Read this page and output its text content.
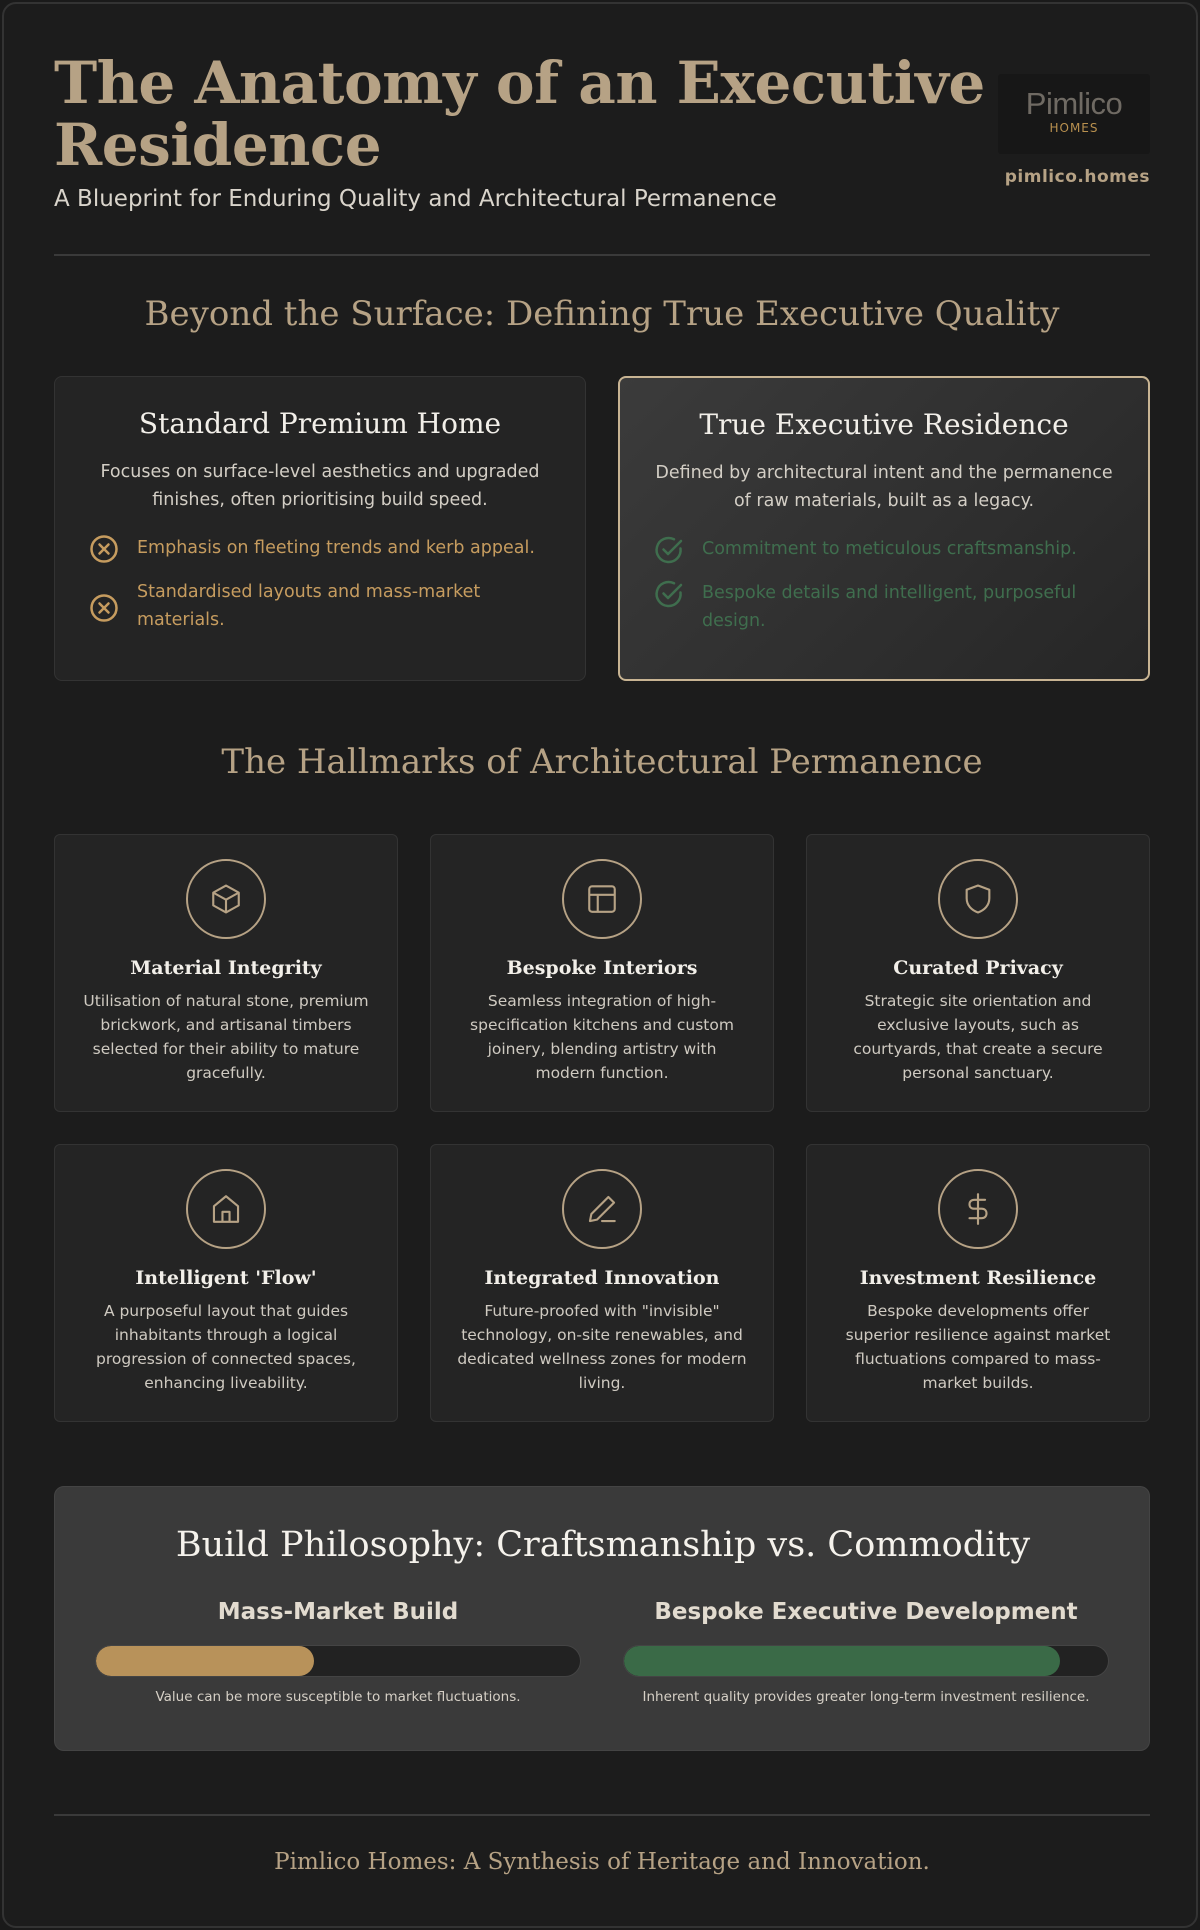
The Anatomy of an Executive Residence
A Blueprint for Enduring Quality and Architectural Permanence
Pimlico
HOMES
pimlico.homes
Beyond the Surface: Defining True Executive Quality
Standard Premium Home
Focuses on surface-level aesthetics and upgraded finishes, often prioritising build speed.
Emphasis on fleeting trends and kerb appeal.
Standardised layouts and mass-market materials.
True Executive Residence
Defined by architectural intent and the permanence of raw materials, built as a legacy.
Commitment to meticulous craftsmanship.
Bespoke details and intelligent, purposeful design.
The Hallmarks of Architectural Permanence
Material Integrity
Utilisation of natural stone, premium brickwork, and artisanal timbers selected for their ability to mature gracefully.
Bespoke Interiors
Seamless integration of high-specification kitchens and custom joinery, blending artistry with modern function.
Curated Privacy
Strategic site orientation and exclusive layouts, such as courtyards, that create a secure personal sanctuary.
Intelligent 'Flow'
A purposeful layout that guides inhabitants through a logical progression of connected spaces, enhancing liveability.
Integrated Innovation
Future-proofed with "invisible" technology, on-site renewables, and dedicated wellness zones for modern living.
Investment Resilience
Bespoke developments offer superior resilience against market fluctuations compared to mass-market builds.
Build Philosophy: Craftsmanship vs. Commodity
Mass-Market Build
Value can be more susceptible to market fluctuations.
Bespoke Executive Development
Inherent quality provides greater long-term investment resilience.
Pimlico Homes: A Synthesis of Heritage and Innovation.
